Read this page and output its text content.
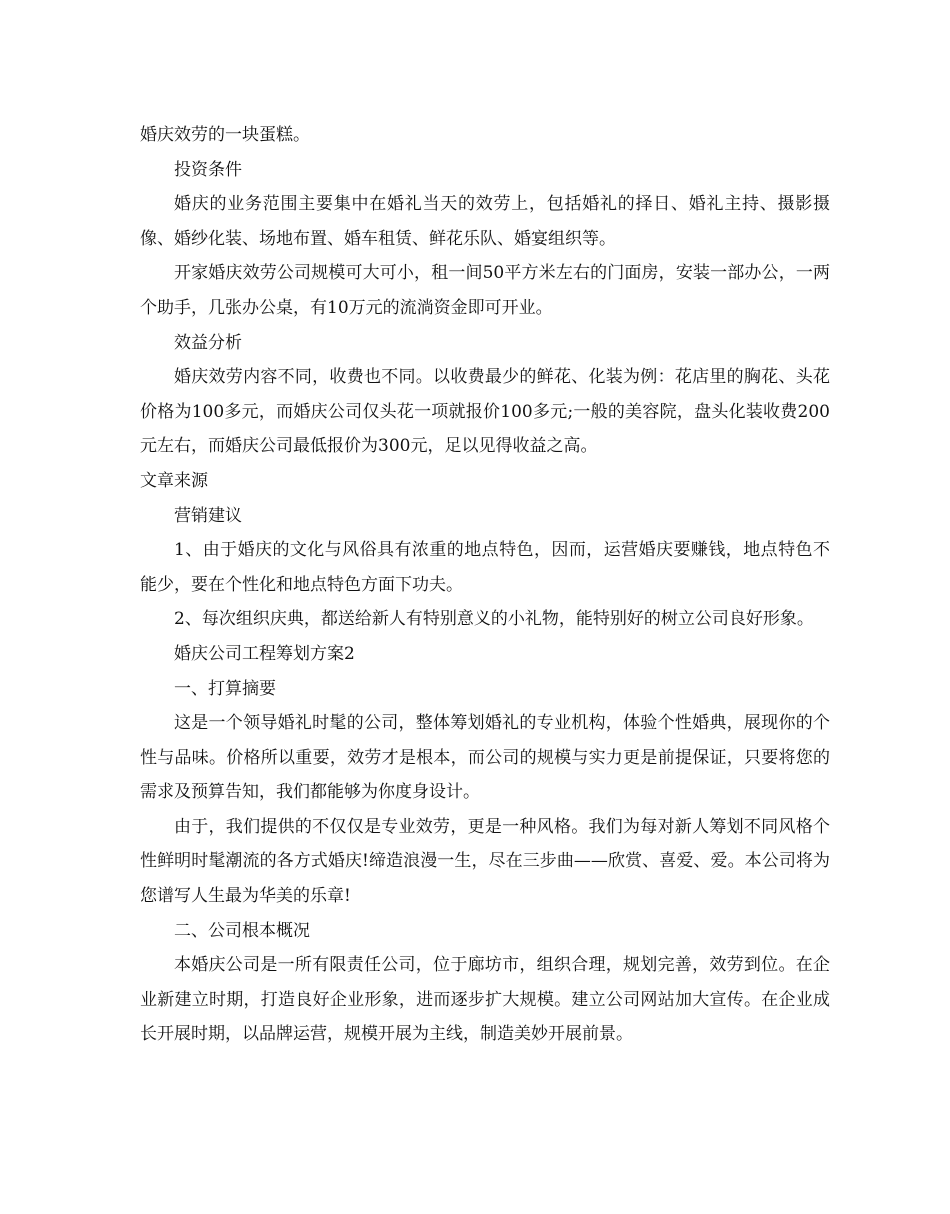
婚庆效劳的一块蛋糕。

投资条件

婚庆的业务范围主要集中在婚礼当天的效劳上，包括婚礼的择日、婚礼主持、摄影摄像、婚纱化装、场地布置、婚车租赁、鲜花乐队、婚宴组织等。

开家婚庆效劳公司规模可大可小，租一间50平方米左右的门面房，安装一部办公，一两个助手，几张办公桌，有10万元的流淌资金即可开业。

效益分析

婚庆效劳内容不同，收费也不同。以收费最少的鲜花、化装为例：花店里的胸花、头花价格为100多元，而婚庆公司仅头花一项就报价100多元;一般的美容院，盘头化装收费200元左右，而婚庆公司最低报价为300元，足以见得收益之高。

文章来源

营销建议

1、由于婚庆的文化与风俗具有浓重的地点特色，因而，运营婚庆要赚钱，地点特色不能少，要在个性化和地点特色方面下功夫。

2、每次组织庆典，都送给新人有特别意义的小礼物，能特别好的树立公司良好形象。

婚庆公司工程筹划方案2

一、打算摘要

这是一个领导婚礼时髦的公司，整体筹划婚礼的专业机构，体验个性婚典，展现你的个性与品味。价格所以重要，效劳才是根本，而公司的规模与实力更是前提保证，只要将您的需求及预算告知，我们都能够为你度身设计。

由于，我们提供的不仅仅是专业效劳，更是一种风格。我们为每对新人筹划不同风格个性鲜明时髦潮流的各方式婚庆!缔造浪漫一生，尽在三步曲——欣赏、喜爱、爱。本公司将为您谱写人生最为华美的乐章!

二、公司根本概况

本婚庆公司是一所有限责任公司，位于廊坊市，组织合理，规划完善，效劳到位。在企业新建立时期，打造良好企业形象，进而逐步扩大规模。建立公司网站加大宣传。在企业成长开展时期，以品牌运营，规模开展为主线，制造美妙开展前景。
